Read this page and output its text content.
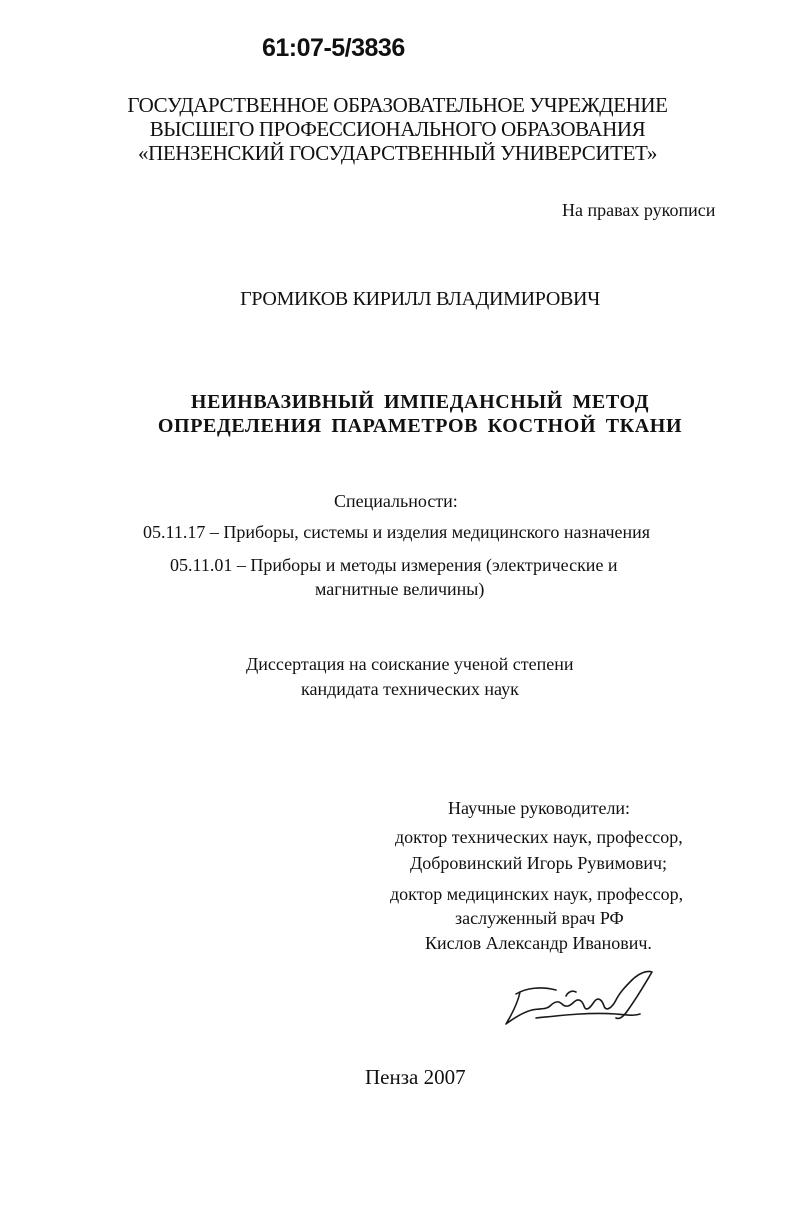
61:07-5/3836
ГОСУДАРСТВЕННОЕ ОБРАЗОВАТЕЛЬНОЕ УЧРЕЖДЕНИЕ
ВЫСШЕГО ПРОФЕССИОНАЛЬНОГО ОБРАЗОВАНИЯ
«ПЕНЗЕНСКИЙ ГОСУДАРСТВЕННЫЙ УНИВЕРСИТЕТ»
На правах рукописи
ГРОМИКОВ КИРИЛЛ ВЛАДИМИРОВИЧ
НЕИНВАЗИВНЫЙ ИМПЕДАНСНЫЙ МЕТОД
ОПРЕДЕЛЕНИЯ ПАРАМЕТРОВ КОСТНОЙ ТКАНИ
Специальности:
05.11.17 – Приборы, системы и изделия медицинского назначения
05.11.01 – Приборы и методы измерения (электрические и
магнитные величины)
Диссертация на соискание ученой степени
кандидата технических наук
Научные руководители:
доктор технических наук, профессор,
Добровинский Игорь Рувимович;
доктор медицинских наук, профессор,
заслуженный врач РФ
Кислов Александр Иванович.
Пенза 2007
